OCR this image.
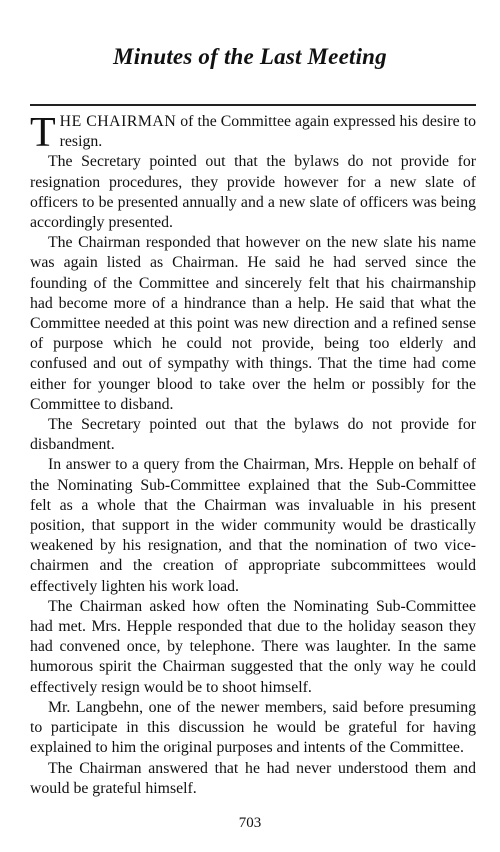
Minutes of the Last Meeting

THE CHAIRMAN of the Committee again expressed his desire to resign.

The Secretary pointed out that the bylaws do not provide for resignation procedures, they provide however for a new slate of officers to be presented annually and a new slate of officers was being accordingly presented.

The Chairman responded that however on the new slate his name was again listed as Chairman. He said he had served since the founding of the Committee and sincerely felt that his chairmanship had become more of a hindrance than a help. He said that what the Committee needed at this point was new direction and a refined sense of purpose which he could not provide, being too elderly and confused and out of sympathy with things. That the time had come either for younger blood to take over the helm or possibly for the Committee to disband.

The Secretary pointed out that the bylaws do not provide for disbandment.

In answer to a query from the Chairman, Mrs. Hepple on behalf of the Nominating Sub-Committee explained that the Sub-Committee felt as a whole that the Chairman was invaluable in his present position, that support in the wider community would be drastically weakened by his resignation, and that the nomination of two vice-chairmen and the creation of appropriate subcommittees would effectively lighten his work load.

The Chairman asked how often the Nominating Sub-Committee had met. Mrs. Hepple responded that due to the holiday season they had convened once, by telephone. There was laughter. In the same humorous spirit the Chairman suggested that the only way he could effectively resign would be to shoot himself.

Mr. Langbehn, one of the newer members, said before presuming to participate in this discussion he would be grateful for having explained to him the original purposes and intents of the Committee.

The Chairman answered that he had never understood them and would be grateful himself.

703
